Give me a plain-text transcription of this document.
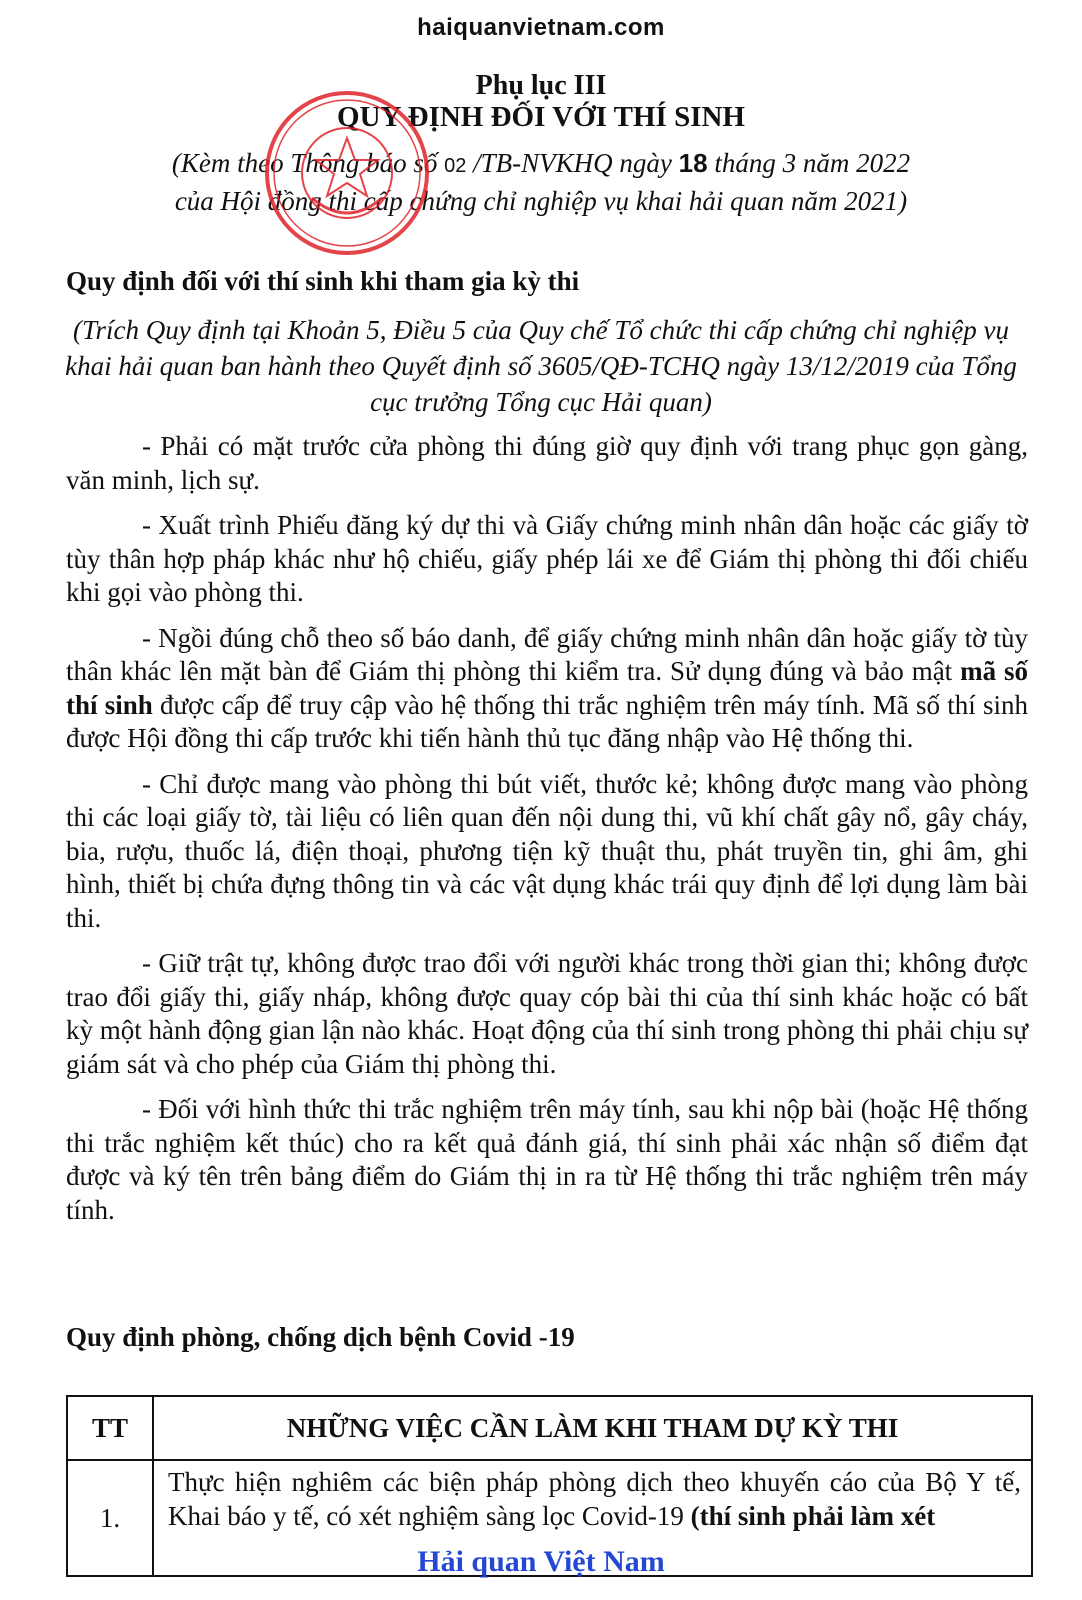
haiquanvietnam.com
Phụ lục III
QUY ĐỊNH ĐỐI VỚI THÍ SINH
(Kèm theo Thông báo số 02 /TB-NVKHQ ngày 18 tháng 3 năm 2022
của Hội đồng thi cấp chứng chỉ nghiệp vụ khai hải quan năm 2021)
Quy định đối với thí sinh khi tham gia kỳ thi
(Trích Quy định tại Khoản 5, Điều 5 của Quy chế Tổ chức thi cấp chứng chỉ nghiệp vụ khai hải quan ban hành theo Quyết định số 3605/QĐ-TCHQ ngày 13/12/2019 của Tổng cục trưởng Tổng cục Hải quan)

- Phải có mặt trước cửa phòng thi đúng giờ quy định với trang phục gọn gàng, văn minh, lịch sự.

- Xuất trình Phiếu đăng ký dự thi và Giấy chứng minh nhân dân hoặc các giấy tờ tùy thân hợp pháp khác như hộ chiếu, giấy phép lái xe để Giám thị phòng thi đối chiếu khi gọi vào phòng thi.

- Ngồi đúng chỗ theo số báo danh, để giấy chứng minh nhân dân hoặc giấy tờ tùy thân khác lên mặt bàn để Giám thị phòng thi kiểm tra. Sử dụng đúng và bảo mật mã số thí sinh được cấp để truy cập vào hệ thống thi trắc nghiệm trên máy tính. Mã số thí sinh được Hội đồng thi cấp trước khi tiến hành thủ tục đăng nhập vào Hệ thống thi.

- Chỉ được mang vào phòng thi bút viết, thước kẻ; không được mang vào phòng thi các loại giấy tờ, tài liệu có liên quan đến nội dung thi, vũ khí chất gây nổ, gây cháy, bia, rượu, thuốc lá, điện thoại, phương tiện kỹ thuật thu, phát truyền tin, ghi âm, ghi hình, thiết bị chứa đựng thông tin và các vật dụng khác trái quy định để lợi dụng làm bài thi.

- Giữ trật tự, không được trao đổi với người khác trong thời gian thi; không được trao đổi giấy thi, giấy nháp, không được quay cóp bài thi của thí sinh khác hoặc có bất kỳ một hành động gian lận nào khác. Hoạt động của thí sinh trong phòng thi phải chịu sự giám sát và cho phép của Giám thị phòng thi.

- Đối với hình thức thi trắc nghiệm trên máy tính, sau khi nộp bài (hoặc Hệ thống thi trắc nghiệm kết thúc) cho ra kết quả đánh giá, thí sinh phải xác nhận số điểm đạt được và ký tên trên bảng điểm do Giám thị in ra từ Hệ thống thi trắc nghiệm trên máy tính.

Quy định phòng, chống dịch bệnh Covid -19
TT	NHỮNG VIỆC CẦN LÀM KHI THAM DỰ KỲ THI
1.	Thực hiện nghiêm các biện pháp phòng dịch theo khuyến cáo của Bộ Y tế, Khai báo y tế, có xét nghiệm sàng lọc Covid-19 (thí sinh phải làm xét
Hải quan Việt Nam
